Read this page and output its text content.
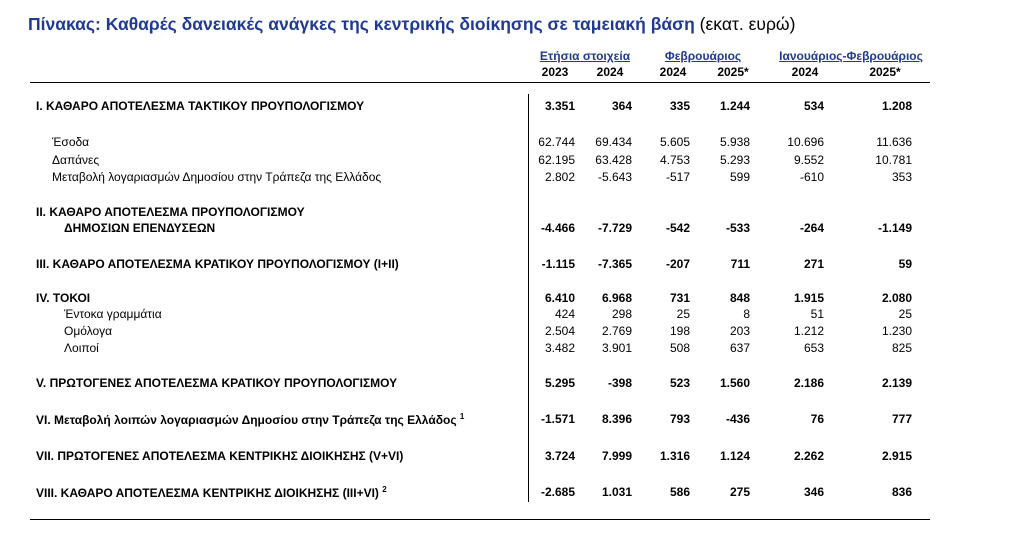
Πίνακας: Καθαρές δανειακές ανάγκες της κεντρικής διοίκησης σε ταμειακή βάση (εκατ. ευρώ)
Ετήσια στοιχεία	Φεβρουάριος	Ιανουάριος-Φεβρουάριος
2023	2024	2024	2025*	2024	2025*
I. ΚΑΘΑΡΟ ΑΠΟΤΕΛΕΣΜΑ ΤΑΚΤΙΚΟΥ ΠΡΟΥΠΟΛΟΓΙΣΜΟΥ	3.351	364	335	1.244	534	1.208
Έσοδα	62.744	69.434	5.605	5.938	10.696	11.636
Δαπάνες	62.195	63.428	4.753	5.293	9.552	10.781
Μεταβολή λογαριασμών Δημοσίου στην Τράπεζα της Ελλάδος	2.802	-5.643	-517	599	-610	353
II. ΚΑΘΑΡΟ ΑΠΟΤΕΛΕΣΜΑ ΠΡΟΥΠΟΛΟΓΙΣΜΟΥ
ΔΗΜΟΣΙΩΝ ΕΠΕΝΔΥΣΕΩΝ	-4.466	-7.729	-542	-533	-264	-1.149
III. ΚΑΘΑΡΟ ΑΠΟΤΕΛΕΣΜΑ ΚΡΑΤΙΚΟΥ ΠΡΟΥΠΟΛΟΓΙΣΜΟΥ (I+II)	-1.115	-7.365	-207	711	271	59
IV. ΤΟΚΟΙ	6.410	6.968	731	848	1.915	2.080
Έντοκα γραμμάτια	424	298	25	8	51	25
Ομόλογα	2.504	2.769	198	203	1.212	1.230
Λοιποί	3.482	3.901	508	637	653	825
V. ΠΡΩΤΟΓΕΝΕΣ ΑΠΟΤΕΛΕΣΜΑ ΚΡΑΤΙΚΟΥ ΠΡΟΥΠΟΛΟΓΙΣΜΟΥ	5.295	-398	523	1.560	2.186	2.139
VI. Μεταβολή λοιπών λογαριασμών Δημοσίου στην Τράπεζα της Ελλάδος $^1$	-1.571	8.396	793	-436	76	777
VII. ΠΡΩΤΟΓΕΝΕΣ ΑΠΟΤΕΛΕΣΜΑ ΚΕΝΤΡΙΚΗΣ ΔΙΟΙΚΗΣΗΣ (V+VI)	3.724	7.999	1.316	1.124	2.262	2.915
VIII. ΚΑΘΑΡΟ ΑΠΟΤΕΛΕΣΜΑ ΚΕΝΤΡΙΚΗΣ ΔΙΟΙΚΗΣΗΣ (III+VI) $^2$	-2.685	1.031	586	275	346	836
